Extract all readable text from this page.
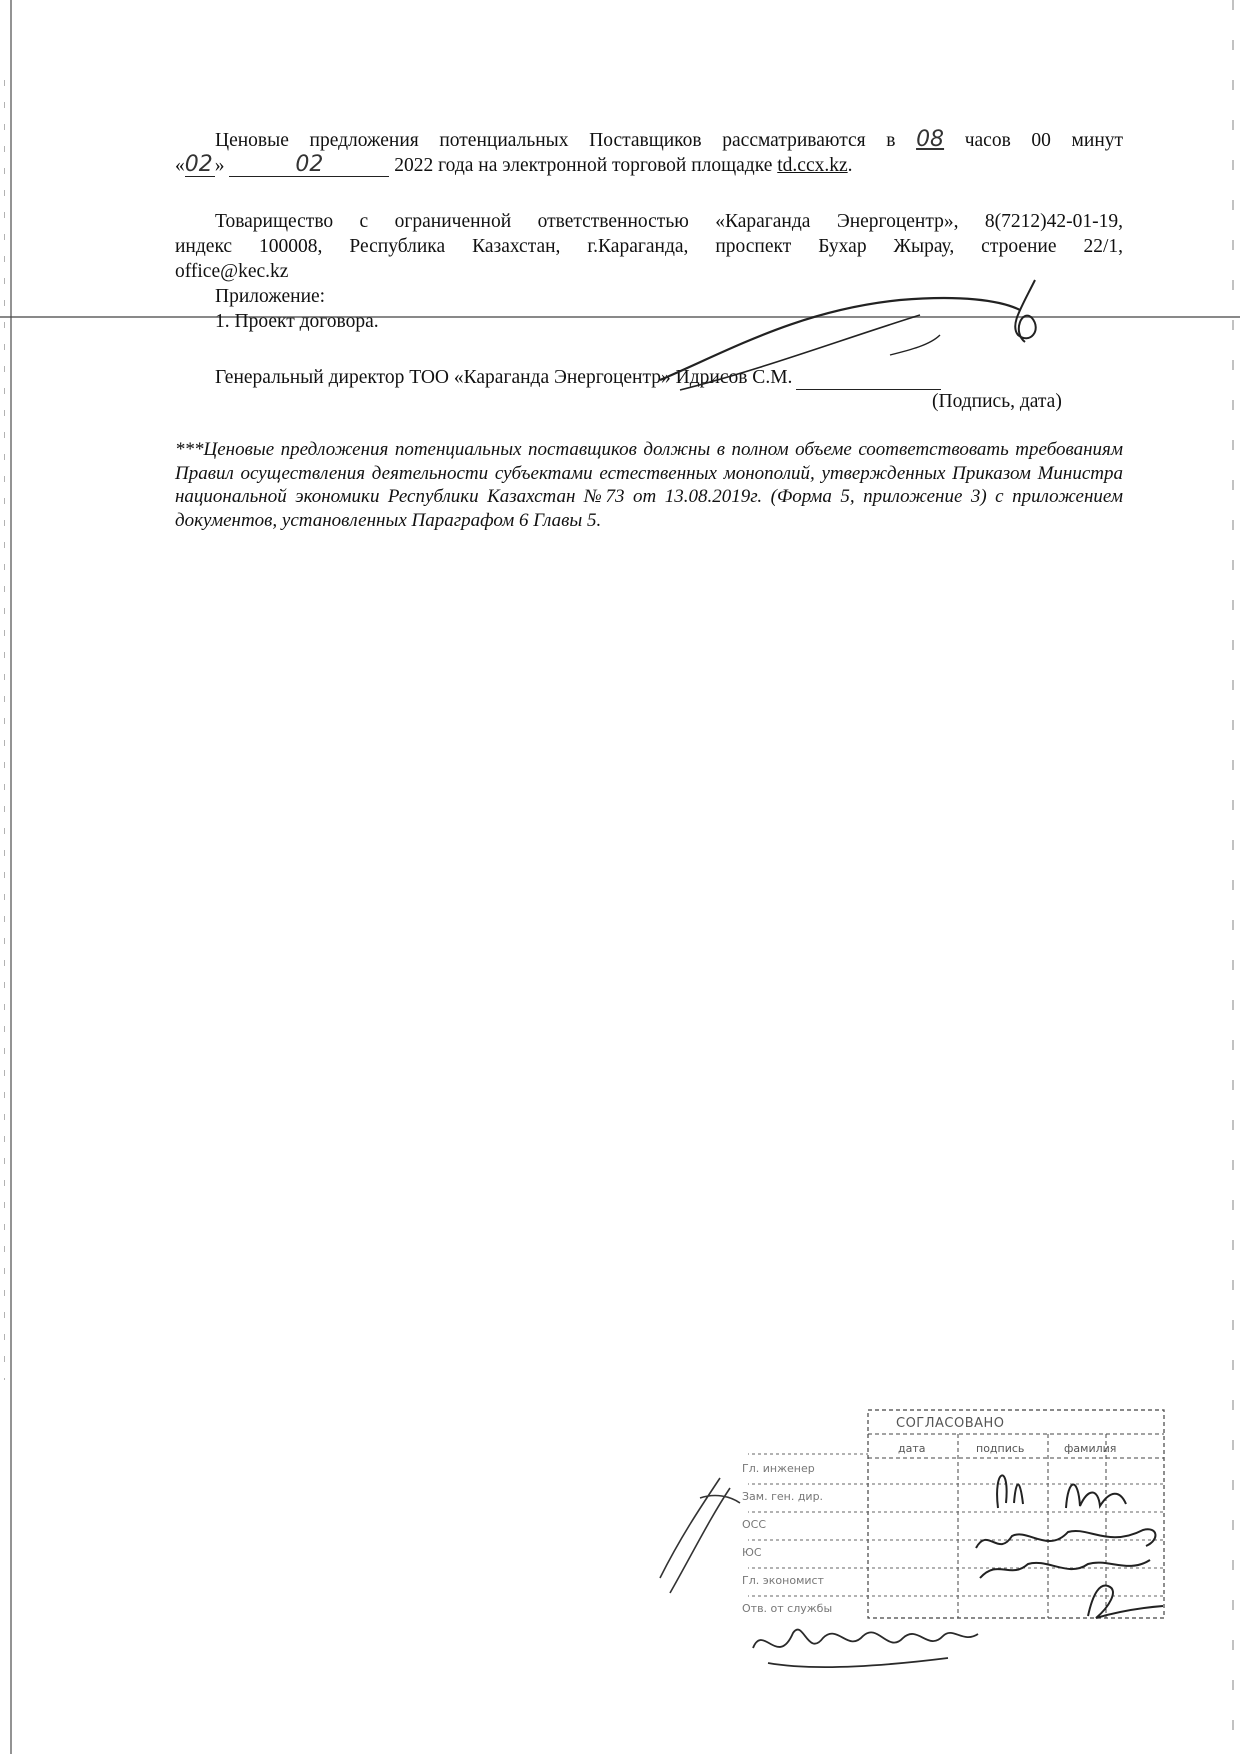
Ценовые предложения потенциальных Поставщиков рассматриваются в 08 часов 00 минут
«02 »	02	2022 года на электронной торговой площадке td.ccx.kz.
Товарищество с ограниченной ответственностью «Караганда Энергоцентр», 8(7212)42-01-19,
индекс 100008, Республика Казахстан, г.Караганда, проспект Бухар Жырау, строение 22/1,
office@kec.kz
Приложение:
1. Проект договора.
Генеральный директор ТОО «Караганда Энергоцентр» Идрисов С.М.
(Подпись, дата)
***Ценовые предложения потенциальных поставщиков должны в полном объеме соответствовать требованиям Правил осуществления деятельности субъектами естественных монополий, утвержденных Приказом Министра национальной экономики Республики Казахстан №73 от 13.08.2019г. (Форма 5, приложение 3) с приложением документов, установленных Параграфом 6 Главы 5.
СОГЛАСОВАНО
дата	подпись	фамилия
Гл. инженер
Зам. ген. дир.
ОСС
ЮС
Гл. экономист
Отв. от службы
